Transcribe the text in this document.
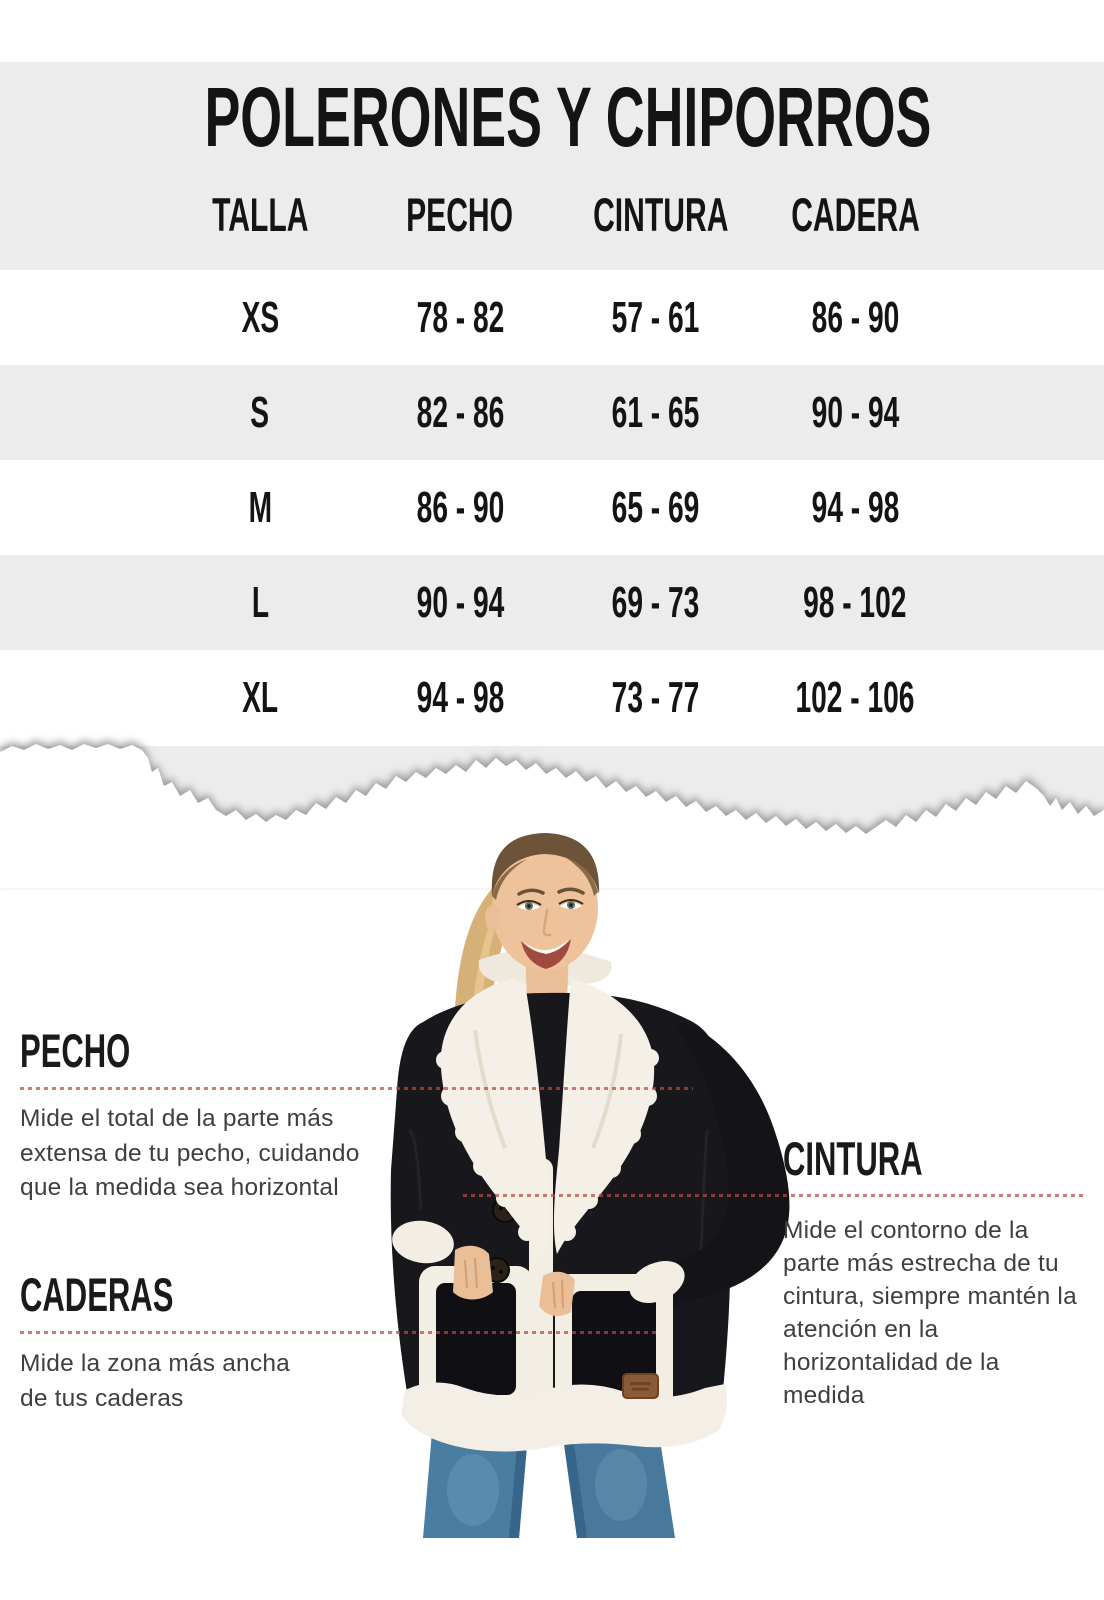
POLERONES Y CHIPORROS
TALLA	PECHO	CINTURA	CADERA
XS	78 - 82	57 - 61	86 - 90
S	82 - 86	61 - 65	90 - 94
M	86 - 90	65 - 69	94 - 98
L	90 - 94	69 - 73	98 - 102
XL	94 - 98	73 - 77	102 - 106
PECHO
Mide el total de la parte más
extensa de tu pecho, cuidando
que la medida sea horizontal
CINTURA
Mide el contorno de la
parte más estrecha de tu
cintura, siempre mantén la
atención en la
horizontalidad de la
medida
CADERAS
Mide la zona más ancha
de tus caderas
